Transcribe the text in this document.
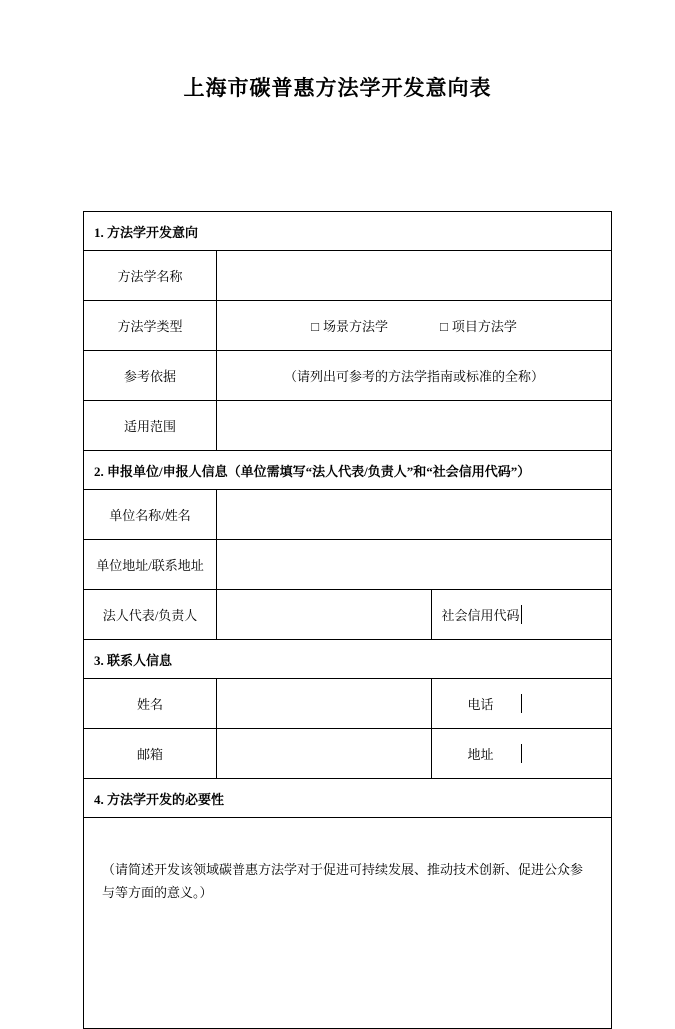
上海市碳普惠方法学开发意向表
1. 方法学开发意向
方法学名称	
方法学类型	□ 场景方法学	□ 项目方法学

参考依据	（请列出可参考的方法学指南或标准的全称）
适用范围	
2. 申报单位/申报人信息（单位需填写“法人代表/负责人”和“社会信用代码”）
单位名称/姓名	
单位地址/联系地址	
法人代表/负责人			社会信用代码	

3. 联系人信息
姓名			电话	

邮箱			地址	

4. 方法学开发的必要性
（请简述开发该领域碳普惠方法学对于促进可持续发展、推动技术创新、促进公众参与等方面的意义。）
